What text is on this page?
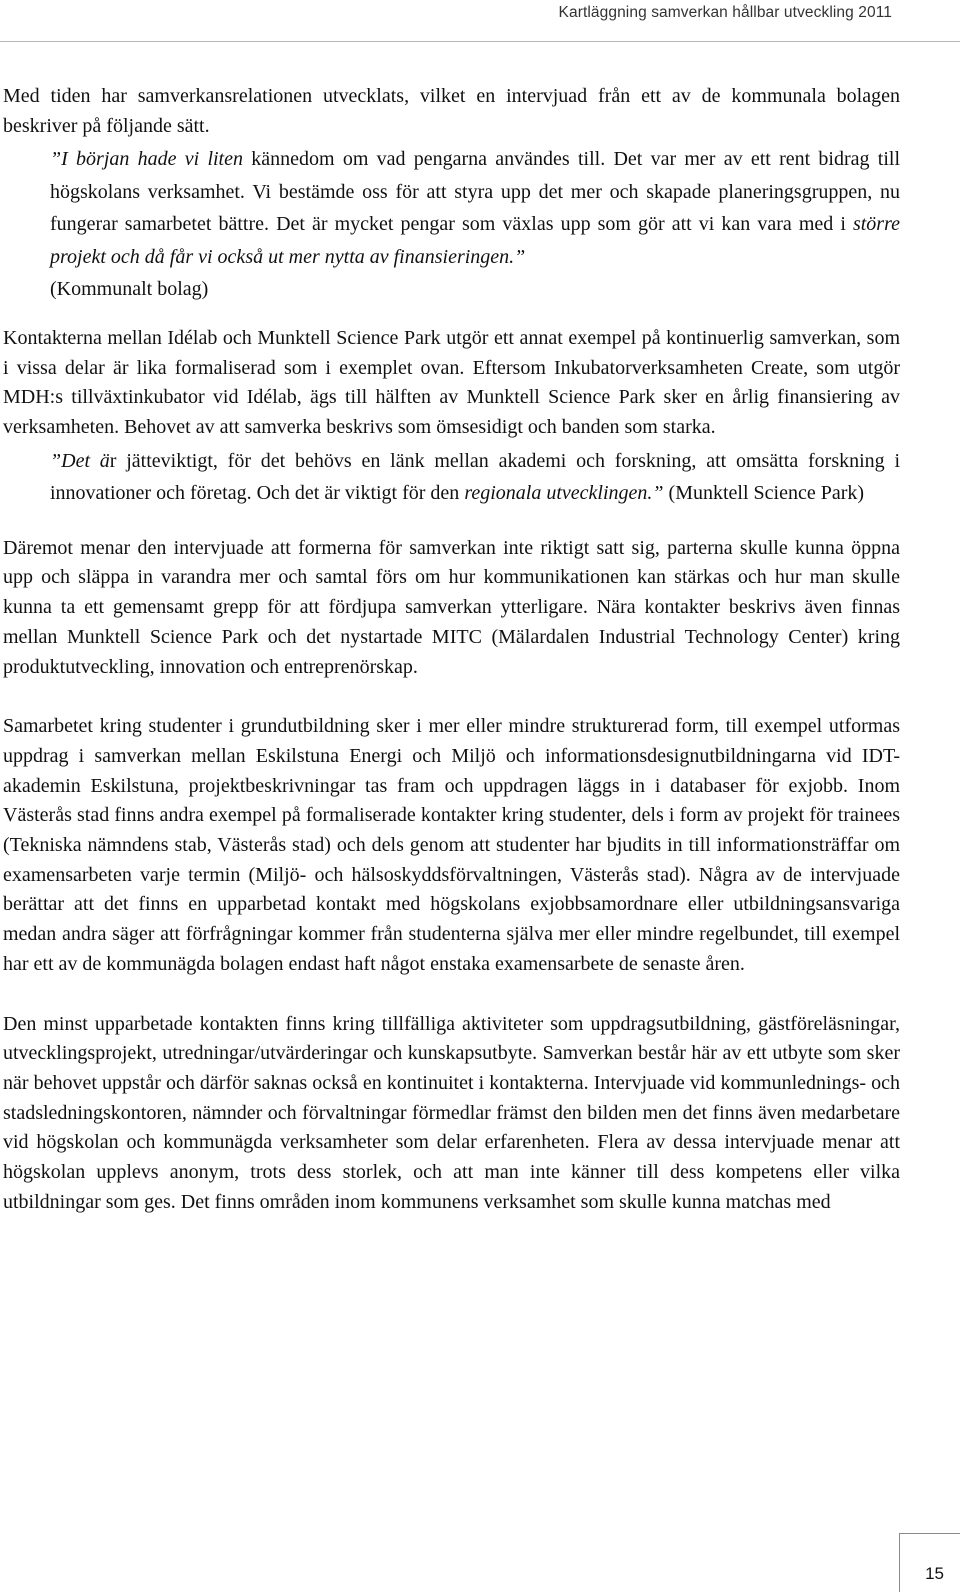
Kartläggning samverkan hållbar utveckling 2011

Med tiden har samverkansrelationen utvecklats, vilket en intervjuad från ett av de kommunala bolagen beskriver på följande sätt.

”I början hade vi liten kännedom om vad pengarna användes till. Det var mer av ett rent bidrag till högskolans verksamhet. Vi bestämde oss för att styra upp det mer och skapade planeringsgruppen, nu fungerar samarbetet bättre. Det är mycket pengar som växlas upp som gör att vi kan vara med i större projekt och då får vi också ut mer nytta av finansieringen.”
(Kommunalt bolag)

Kontakterna mellan Idélab och Munktell Science Park utgör ett annat exempel på kontinuerlig samverkan, som i vissa delar är lika formaliserad som i exemplet ovan. Eftersom Inkubatorverksamheten Create, som utgör MDH:s tillväxtinkubator vid Idélab, ägs till hälften av Munktell Science Park sker en årlig finansiering av verksamheten. Behovet av att samverka beskrivs som ömsesidigt och banden som starka.

”Det är jätteviktigt, för det behövs en länk mellan akademi och forskning, att omsätta forskning i innovationer och företag. Och det är viktigt för den regionala utvecklingen.” (Munktell Science Park)

Däremot menar den intervjuade att formerna för samverkan inte riktigt satt sig, parterna skulle kunna öppna upp och släppa in varandra mer och samtal förs om hur kommunikationen kan stärkas och hur man skulle kunna ta ett gemensamt grepp för att fördjupa samverkan ytterligare. Nära kontakter beskrivs även finnas mellan Munktell Science Park och det nystartade MITC (Mälardalen Industrial Technology Center) kring produktutveckling, innovation och entreprenörskap.

Samarbetet kring studenter i grundutbildning sker i mer eller mindre strukturerad form, till exempel utformas uppdrag i samverkan mellan Eskilstuna Energi och Miljö och informationsdesignutbildningarna vid IDT-akademin Eskilstuna, projektbeskrivningar tas fram och uppdragen läggs in i databaser för exjobb. Inom Västerås stad finns andra exempel på formaliserade kontakter kring studenter, dels i form av projekt för trainees (Tekniska nämndens stab, Västerås stad) och dels genom att studenter har bjudits in till informationsträffar om examensarbeten varje termin (Miljö- och hälsoskyddsförvaltningen, Västerås stad). Några av de intervjuade berättar att det finns en upparbetad kontakt med högskolans exjobbsamordnare eller utbildningsansvariga medan andra säger att förfrågningar kommer från studenterna själva mer eller mindre regelbundet, till exempel har ett av de kommunägda bolagen endast haft något enstaka examensarbete de senaste åren.

Den minst upparbetade kontakten finns kring tillfälliga aktiviteter som uppdragsutbildning, gästföreläsningar, utvecklingsprojekt, utredningar/utvärderingar och kunskapsutbyte. Samverkan består här av ett utbyte som sker när behovet uppstår och därför saknas också en kontinuitet i kontakterna. Intervjuade vid kommunlednings- och stadsledningskontoren, nämnder och förvaltningar förmedlar främst den bilden men det finns även medarbetare vid högskolan och kommunägda verksamheter som delar erfarenheten. Flera av dessa intervjuade menar att högskolan upplevs anonym, trots dess storlek, och att man inte känner till dess kompetens eller vilka utbildningar som ges. Det finns områden inom kommunens verksamhet som skulle kunna matchas med

15
